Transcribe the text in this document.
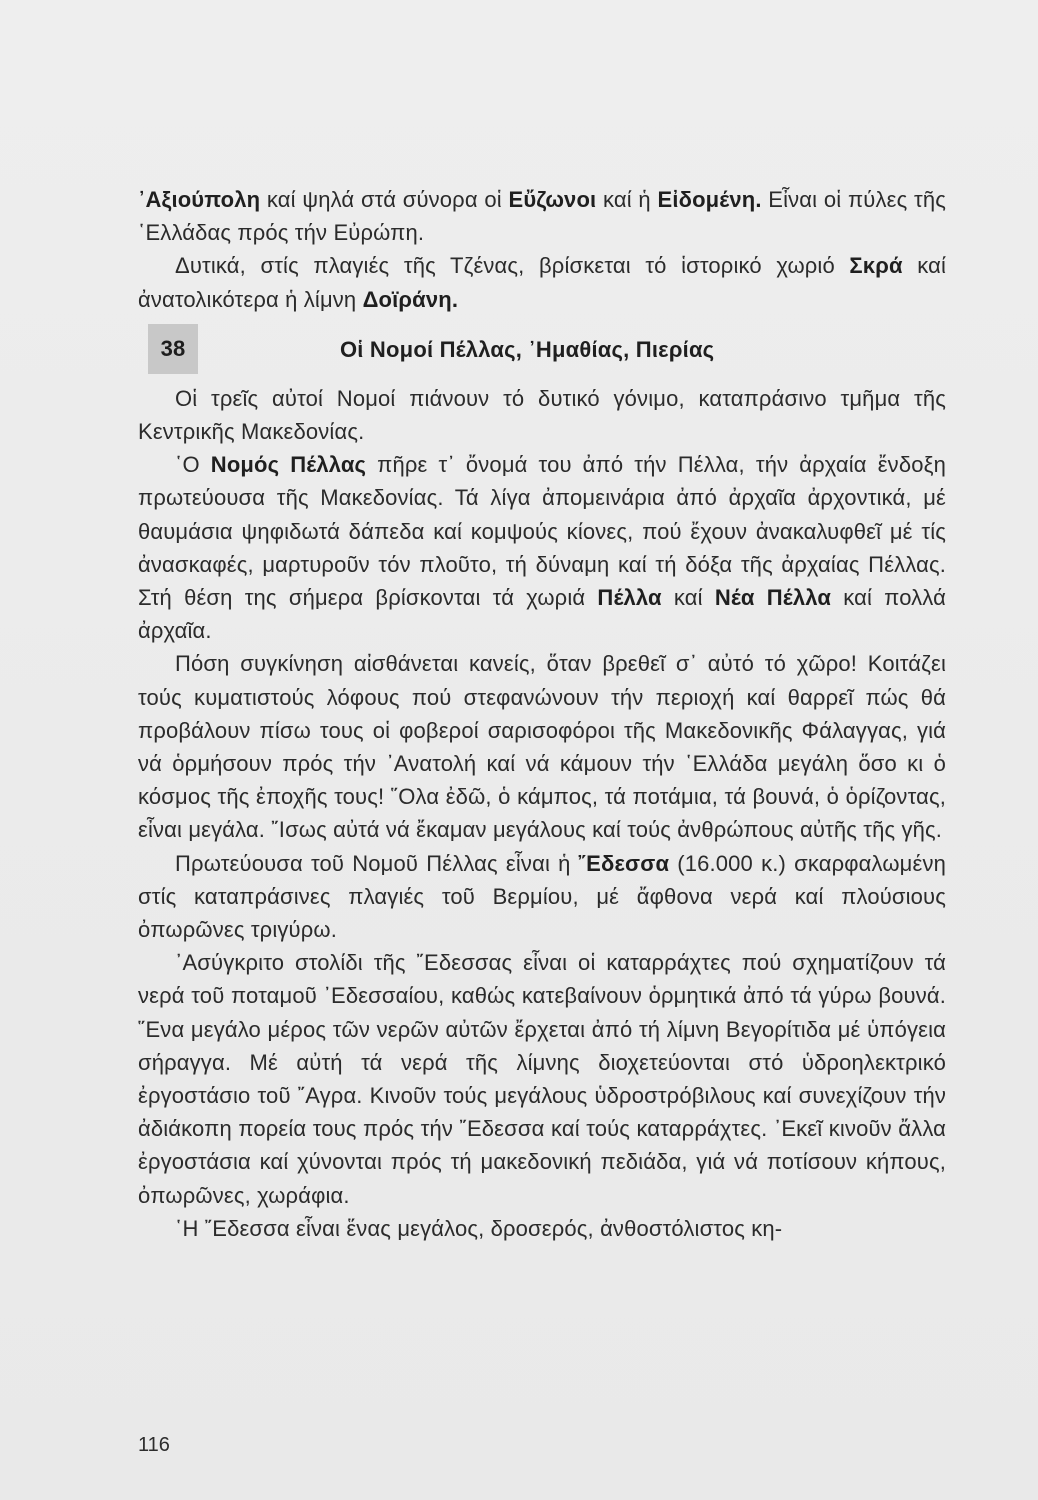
᾿Αξιούπολη καί ψηλά στά σύνορα οἱ Εὔζωνοι καί ἡ Εἰδομένη. Εἶναι οἱ πύλες τῆς ῾Ελλάδας πρός τήν Εὐρώπη.

Δυτικά, στίς πλαγιές τῆς Τζένας, βρίσκεται τό ἱστορικό χωριό Σκρά καί ἀνατολικότερα ἡ λίμνη Δοϊράνη.

38	Οἱ Νομοί Πέλλας, ᾿Ημαθίας, Πιερίας

Οἱ τρεῖς αὐτοί Νομοί πιάνουν τό δυτικό γόνιμο, καταπράσινο τμῆμα τῆς Κεντρικῆς Μακεδονίας.

῾Ο Νομός Πέλλας πῆρε τ᾿ ὄνομά του ἀπό τήν Πέλλα, τήν ἀρχαία ἔνδοξη πρωτεύουσα τῆς Μακεδονίας. Τά λίγα ἀπομεινάρια ἀπό ἀρχαῖα ἀρχοντικά, μέ θαυμάσια ψηφιδωτά δάπεδα καί κομψούς κίονες, πού ἔχουν ἀνακαλυφθεῖ μέ τίς ἀνασκαφές, μαρτυροῦν τόν πλοῦτο, τή δύναμη καί τή δόξα τῆς ἀρχαίας Πέλλας. Στή θέση της σήμερα βρίσκονται τά χωριά Πέλλα καί Νέα Πέλλα καί πολλά ἀρχαῖα.

Πόση συγκίνηση αἰσθάνεται κανείς, ὅταν βρεθεῖ σ᾿ αὐτό τό χῶρο! Κοιτάζει τούς κυματιστούς λόφους πού στεφανώνουν τήν περιοχή καί θαρρεῖ πώς θά προβάλουν πίσω τους οἱ φοβεροί σαρισοφόροι τῆς Μακεδονικῆς Φάλαγγας, γιά νά ὁρμήσουν πρός τήν ᾿Ανατολή καί νά κάμουν τήν ῾Ελλάδα μεγάλη ὅσο κι ὁ κόσμος τῆς ἐποχῆς τους! ῞Ολα ἐδῶ, ὁ κάμπος, τά ποτάμια, τά βουνά, ὁ ὁρίζοντας, εἶναι μεγάλα. ῎Ισως αὐτά νά ἔκαμαν μεγάλους καί τούς ἀνθρώπους αὐτῆς τῆς γῆς.

Πρωτεύουσα τοῦ Νομοῦ Πέλλας εἶναι ἡ ῎Εδεσσα (16.000 κ.) σκαρφαλωμένη στίς καταπράσινες πλαγιές τοῦ Βερμίου, μέ ἄφθονα νερά καί πλούσιους ὀπωρῶνες τριγύρω.

᾿Ασύγκριτο στολίδι τῆς ῎Εδεσσας εἶναι οἱ καταρράχτες πού σχηματίζουν τά νερά τοῦ ποταμοῦ ᾿Εδεσσαίου, καθώς κατεβαίνουν ὁρμητικά ἀπό τά γύρω βουνά. ῞Ενα μεγάλο μέρος τῶν νερῶν αὐτῶν ἔρχεται ἀπό τή λίμνη Βεγορίτιδα μέ ὑπόγεια σήραγγα. Μέ αὐτή τά νερά τῆς λίμνης διοχετεύονται στό ὑδροηλεκτρικό ἐργοστάσιο τοῦ ῎Αγρα. Κινοῦν τούς μεγάλους ὑδροστρόβιλους καί συνεχίζουν τήν ἀδιάκοπη πορεία τους πρός τήν ῎Εδεσσα καί τούς καταρράχτες. ᾿Εκεῖ κινοῦν ἄλλα ἐργοστάσια καί χύνονται πρός τή μακεδονική πεδιάδα, γιά νά ποτίσουν κήπους, ὀπωρῶνες, χωράφια.

῾Η ῎Εδεσσα εἶναι ἕνας μεγάλος, δροσερός, ἀνθοστόλιστος κη-

116
